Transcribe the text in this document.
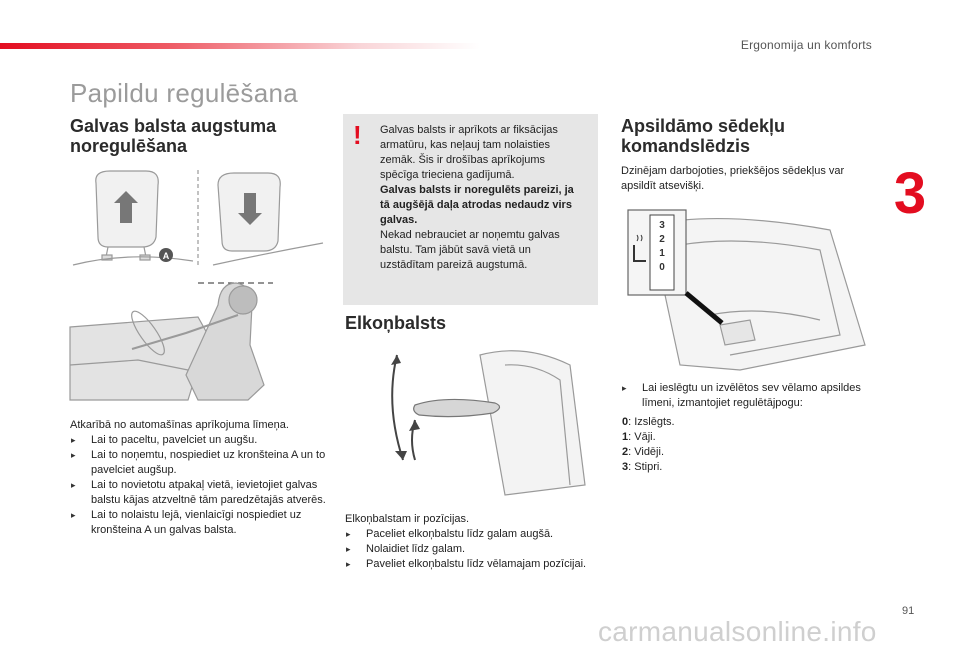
Ergonomija un komforts
Papildu regulēšana
3
Galvas balsta augstuma
noregulēšana
A

Atkarībā no automašīnas aprīkojuma līmeņa.

▸ Lai to paceltu, pavelciet un augšu.
▸ Lai to noņemtu, nospiediet uz kronšteina A un to pavelciet augšup.
▸ Lai to novietotu atpakaļ vietā, ievietojiet galvas balstu kājas atzveltnē tām paredzētajās atverēs.
▸ Lai to nolaistu lejā, vienlaicīgi nospiediet uz kronšteina A un galvas balsta.
! Galvas balsts ir aprīkots ar fiksācijas armatūru, kas neļauj tam nolaisties zemāk. Šis ir drošības aprīkojums spēcīga trieciena gadījumā.
Galvas balsts ir noregulēts pareizi, ja tā augšējā daļa atrodas nedaudz virs galvas.
Nekad nebrauciet ar noņemtu galvas balstu. Tam jābūt savā vietā un uzstādītam pareizā augstumā.
Elkoņbalsts

Elkoņbalstam ir pozīcijas.

▸ Paceliet elkoņbalstu līdz galam augšā.
▸ Nolaidiet līdz galam.
▸ Paveliet elkoņbalstu līdz vēlamajam pozīcijai.
Apsildāmo sēdekļu
komandslēdzis

Dzinējam darbojoties, priekšējos sēdekļus var apsildīt atsevišķi.

3
2
1
0
▸ Lai ieslēgtu un izvēlētos sev vēlamo apsildes līmeni, izmantojiet regulētājpogu:
0: Izslēgts.
1: Vāji.
2: Vidēji.
3: Stipri.
91
carmanualsonline.info
